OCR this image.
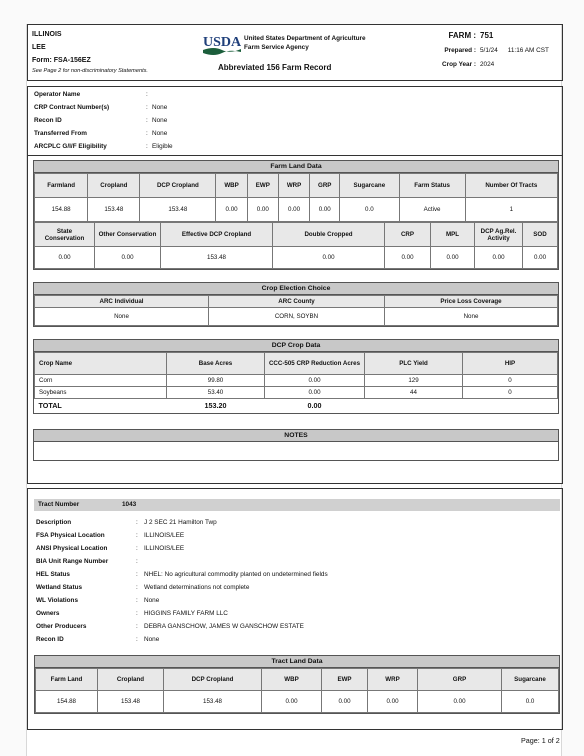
ILLINOIS
LEE
Form: FSA-156EZ
See Page 2 for non-discriminatory Statements.
USDA United States Department of Agriculture
Farm Service Agency
Abbreviated 156 Farm Record
FARM : 751
Prepared : 5/1/24 11:16 AM CST
Crop Year : 2024
Operator Name	:
CRP Contract Number(s)	: None
Recon ID	: None
Transferred From	: None
ARCPLC G/I/F Eligibility	: Eligible
Farm Land Data
Farmland	Cropland	DCP Cropland	WBP	EWP	WRP	GRP	Sugarcane	Farm Status	Number Of Tracts
154.88	153.48	153.48	0.00	0.00	0.00	0.00	0.0	Active	1
State Conservation	Other Conservation	Effective DCP Cropland	Double Cropped	CRP	MPL	DCP Ag.Rel. Activity	SOD
0.00	0.00	153.48	0.00	0.00	0.00	0.00	0.00
Crop Election Choice
ARC Individual	ARC County	Price Loss Coverage
None	CORN, SOYBN	None
DCP Crop Data
Crop Name	Base Acres	CCC-505 CRP Reduction Acres	PLC Yield	HIP
Corn	99.80	0.00	129	0
Soybeans	53.40	0.00	44	0
TOTAL	153.20	0.00		
NOTES
Tract Number	1043
Description	: J 2 SEC 21 Hamilton Twp
FSA Physical Location	: ILLINOIS/LEE
ANSI Physical Location	: ILLINOIS/LEE
BIA Unit Range Number	:
HEL Status	: NHEL: No agricultural commodity planted on undetermined fields
Wetland Status	: Wetland determinations not complete
WL Violations	: None
Owners	: HIGGINS FAMILY FARM LLC
Other Producers	: DEBRA GANSCHOW, JAMES W GANSCHOW ESTATE
Recon ID	: None
Tract Land Data
Farm Land	Cropland	DCP Cropland	WBP	EWP	WRP	GRP	Sugarcane
154.88	153.48	153.48	0.00	0.00	0.00	0.00	0.0
Page: 1 of 2
